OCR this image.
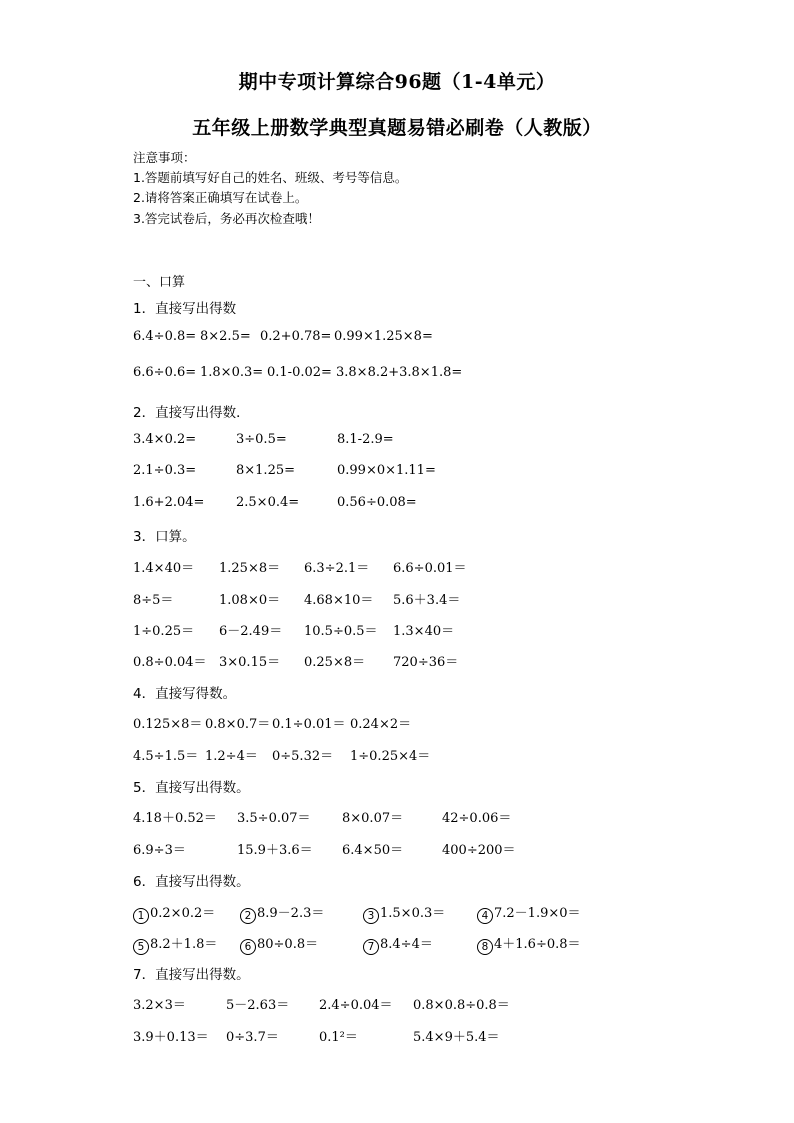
期中专项计算综合96题（1-4单元）
五年级上册数学典型真题易错必刷卷（人教版）
注意事项：
1.答题前填写好自己的姓名、班级、考号等信息。
2.请将答案正确填写在试卷上。
3.答完试卷后，务必再次检查哦！
一、口算
1．直接写出得数
6.4÷0.8= 8×2.5= 0.2+0.78= 0.99×1.25×8=
6.6÷0.6= 1.8×0.3= 0.1-0.02= 3.8×8.2+3.8×1.8=
2．直接写出得数．
3.4×0.2=	3÷0.5=	8.1-2.9=
2.1÷0.3=	8×1.25=	0.99×0×1.11=
1.6+2.04= 2.5×0.4=	0.56÷0.08=
3．口算。
1.4×40＝ 1.25×8＝ 6.3÷2.1＝ 6.6÷0.01＝
8÷5＝	1.08×0＝ 4.68×10＝ 5.6＋3.4＝
1÷0.25＝ 6－2.49＝ 10.5÷0.5＝ 1.3×40＝
0.8÷0.04＝ 3×0.15＝ 0.25×8＝ 720÷36＝
4．直接写得数。
0.125×8＝ 0.8×0.7＝ 0.1÷0.01＝ 0.24×2＝
4.5÷1.5＝ 1.2÷4＝ 0÷5.32＝ 1÷0.25×4＝
5．直接写出得数。
4.18＋0.52＝ 3.5÷0.07＝ 8×0.07＝	42÷0.06＝
6.9÷3＝	15.9＋3.6＝ 6.4×50＝	400÷200＝
6．直接写出得数。
1 0.2×0.2＝	2 8.9－2.3＝	3 1.5×0.3＝	4 7.2－1.9×0＝
5 8.2＋1.8＝	6 80÷0.8＝	7 8.4÷4＝	8 4＋1.6÷0.8＝
7．直接写出得数。
3.2×3＝	5－2.63＝ 2.4÷0.04＝ 0.8×0.8÷0.8＝
3.9＋0.13＝ 0÷3.7＝	0.1²＝	5.4×9＋5.4＝
